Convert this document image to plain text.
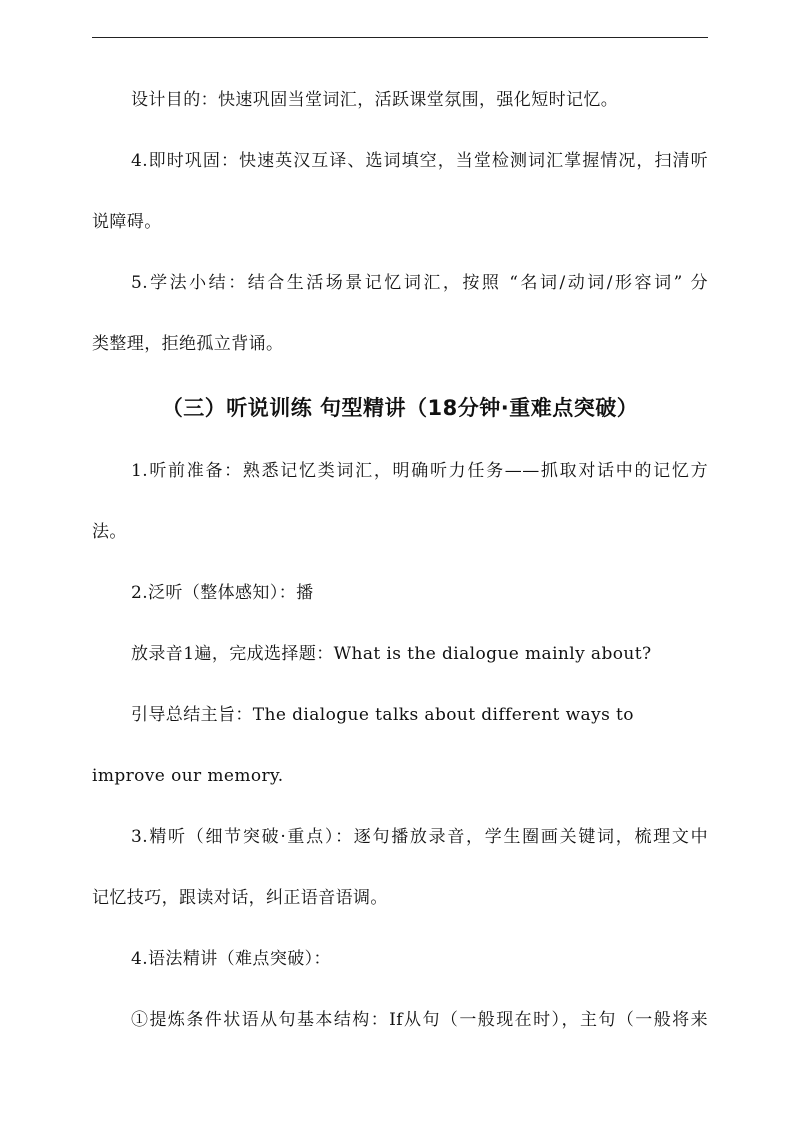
设计目的：快速巩固当堂词汇，活跃课堂氛围，强化短时记忆。
4.即时巩固：快速英汉互译、选词填空，当堂检测词汇掌握情况，扫清听
说障碍。
5.学法小结：结合生活场景记忆词汇，按照 “名词/动词/形容词” 分
类整理，拒绝孤立背诵。
（三）听说训练 句型精讲（18分钟·重难点突破）
1.听前准备：熟悉记忆类词汇，明确听力任务——抓取对话中的记忆方
法。
2.泛听（整体感知）：播
放录音1遍，完成选择题：What is the dialogue mainly about?
引导总结主旨：The dialogue talks about different ways to
improve our memory.
3.精听（细节突破·重点）：逐句播放录音，学生圈画关键词，梳理文中
记忆技巧，跟读对话，纠正语音语调。
4.语法精讲（难点突破）：
①提炼条件状语从句基本结构：If从句（一般现在时），主句（一般将来
